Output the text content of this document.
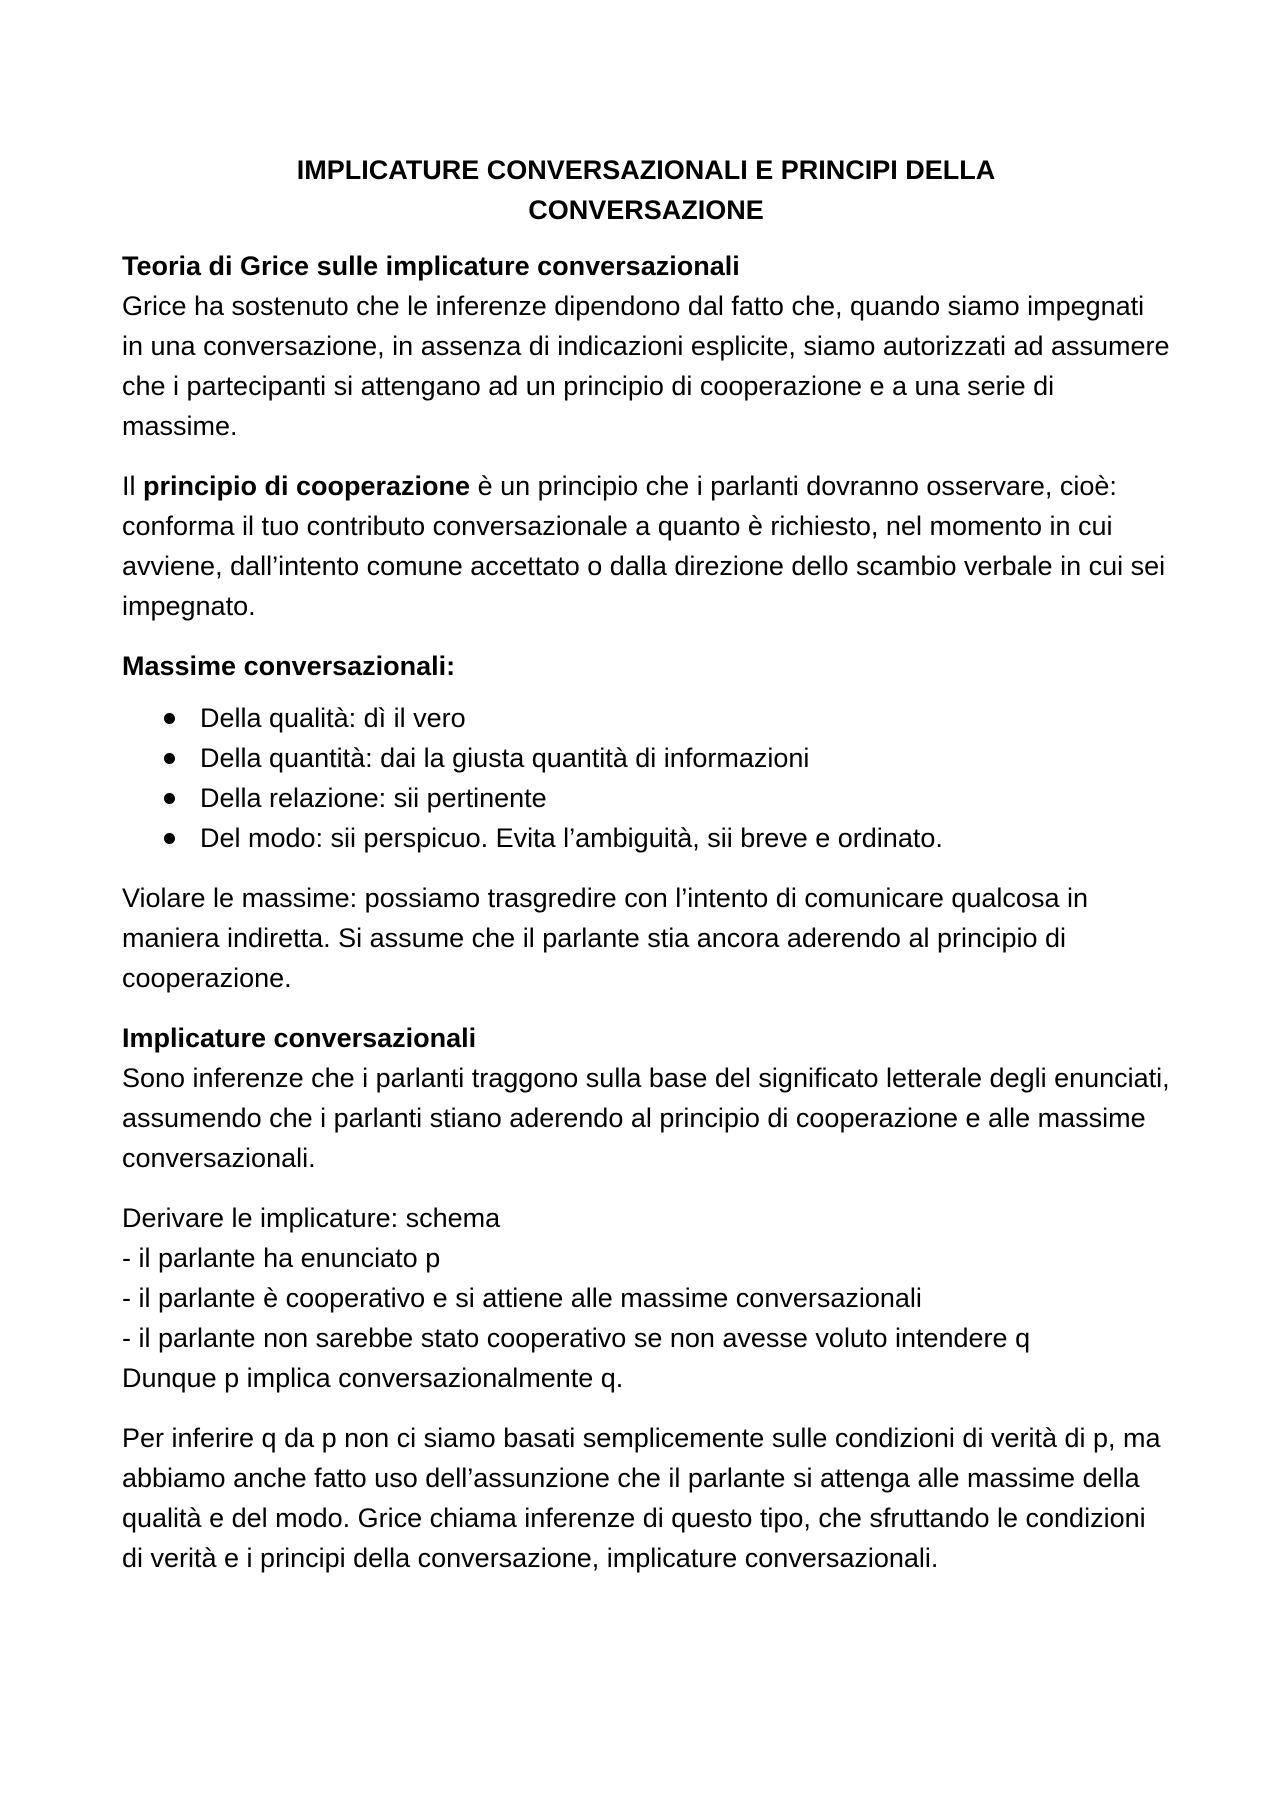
IMPLICATURE CONVERSAZIONALI E PRINCIPI DELLA
CONVERSAZIONE

Teoria di Grice sulle implicature conversazionali

Grice ha sostenuto che le inferenze dipendono dal fatto che, quando siamo impegnati in una conversazione, in assenza di indicazioni esplicite, siamo autorizzati ad assumere che i partecipanti si attengano ad un principio di cooperazione e a una serie di massime.

Il principio di cooperazione è un principio che i parlanti dovranno osservare, cioè: conforma il tuo contributo conversazionale a quanto è richiesto, nel momento in cui avviene, dall’intento comune accettato o dalla direzione dello scambio verbale in cui sei impegnato.

Massime conversazionali:

Della qualità: dì il vero
Della quantità: dai la giusta quantità di informazioni
Della relazione: sii pertinente
Del modo: sii perspicuo. Evita l’ambiguità, sii breve e ordinato.

Violare le massime: possiamo trasgredire con l’intento di comunicare qualcosa in maniera indiretta. Si assume che il parlante stia ancora aderendo al principio di cooperazione.

Implicature conversazionali

Sono inferenze che i parlanti traggono sulla base del significato letterale degli enunciati, assumendo che i parlanti stiano aderendo al principio di cooperazione e alle massime conversazionali.

Derivare le implicature: schema
- il parlante ha enunciato p
- il parlante è cooperativo e si attiene alle massime conversazionali
- il parlante non sarebbe stato cooperativo se non avesse voluto intendere q
Dunque p implica conversazionalmente q.

Per inferire q da p non ci siamo basati semplicemente sulle condizioni di verità di p, ma abbiamo anche fatto uso dell’assunzione che il parlante si attenga alle massime della qualità e del modo. Grice chiama inferenze di questo tipo, che sfruttando le condizioni di verità e i principi della conversazione, implicature conversazionali.
